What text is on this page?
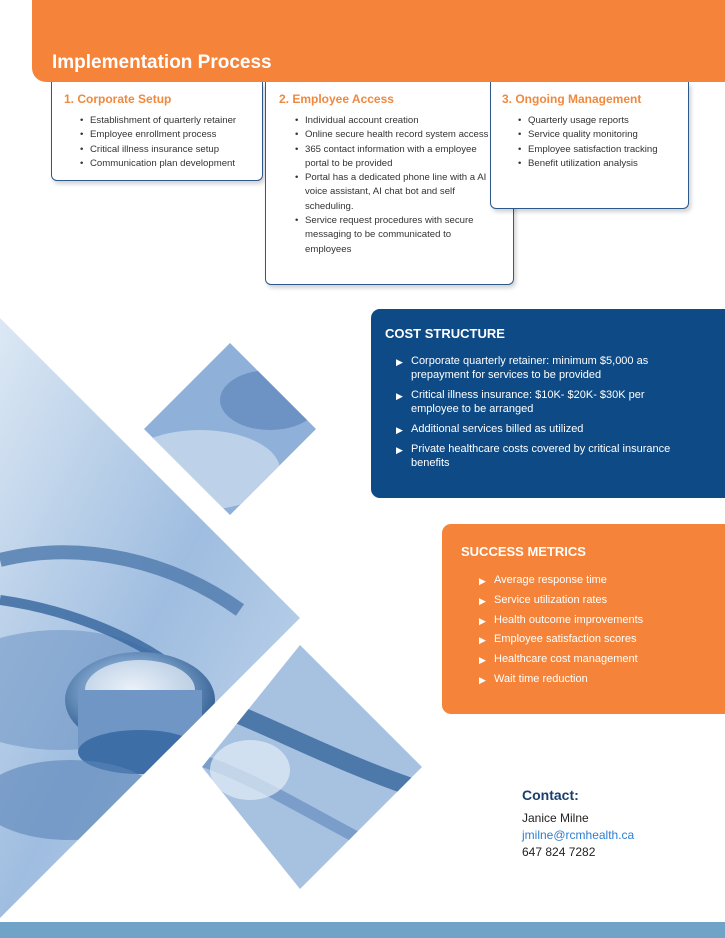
Implementation Process

1. Corporate Setup

• Establishment of quarterly retainer
• Employee enrollment process
• Critical illness insurance setup
• Communication plan development

2. Employee Access

• Individual account creation
• Online secure health record system access
• 365 contact information with a employee portal to be provided
• Portal has a dedicated phone line with a AI voice assistant, AI chat bot and self scheduling.
• Service request procedures with secure messaging to be communicated to employees

3. Ongoing Management

• Quarterly usage reports
• Service quality monitoring
• Employee satisfaction tracking
• Benefit utilization analysis

COST STRUCTURE

▶ Corporate quarterly retainer: minimum $5,000 as prepayment for services to be provided
▶ Critical illness insurance: $10K- $20K- $30K per employee to be arranged
▶ Additional services billed as utilized
▶ Private healthcare costs covered by critical insurance benefits

SUCCESS METRICS

▶ Average response time
▶ Service utilization rates
▶ Health outcome improvements
▶ Employee satisfaction scores
▶ Healthcare cost management
▶ Wait time reduction

Contact:

Janice Milne
jmilne@rcmhealth.ca
647 824 7282
